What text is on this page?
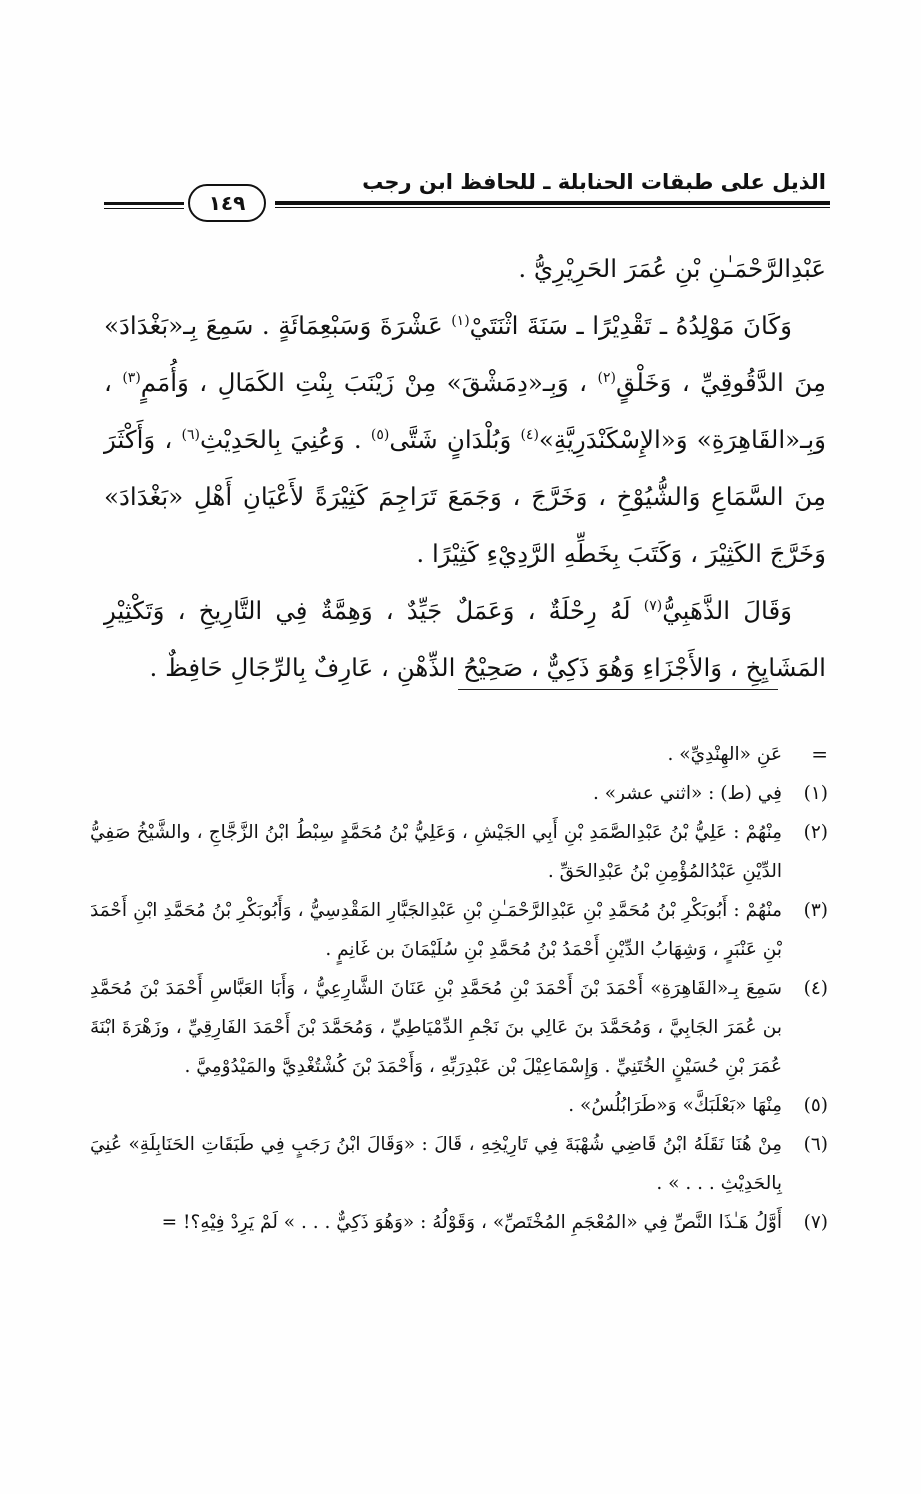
الذيل على طبقات الحنابلة ـ للحافظ ابن رجب
١٤٩

عَبْدِالرَّحْمَـٰنِ بْنِ عُمَرَ الحَرِيْرِيُّ .

وَكَانَ مَوْلِدُهُ ـ تَقْدِيْرًا ـ سَنَةَ اثْنَتَيْ$^{(١)}$ عَشْرَةَ وَسَبْعِمَائَةٍ . سَمِعَ بِـ«بَغْدَادَ» مِنَ الدَّقُوقِيِّ ، وَخَلْقٍ$^{(٢)}$ ، وَبِـ«دِمَشْقَ» مِنْ زَيْنَبَ بِنْتِ الكَمَالِ ، وَأُمَمٍ$^{(٣)}$ ، وَبِـ«القَاهِرَةِ» وَ«الإِسْكَنْدَرِيَّةِ»$^{(٤)}$ وَبُلْدَانٍ شَتَّى$^{(٥)}$ . وَعُنِيَ بِالحَدِيْثِ$^{(٦)}$ ، وَأَكْثَرَ مِنَ السَّمَاعِ وَالشُّيُوْخِ ، وَخَرَّجَ ، وَجَمَعَ تَرَاجِمَ كَثِيْرَةً لأَعْيَانِ أَهْلِ «بَغْدَادَ» وَخَرَّجَ الكَثِيْرَ ، وَكَتَبَ بِخَطِّهِ الرَّدِيْءِ كَثِيْرًا .

وَقَالَ الذَّهَبِيُّ$^{(٧)}$ لَهُ رِحْلَةٌ ، وَعَمَلٌ جَيِّدٌ ، وَهِمَّةٌ فِي التَّارِيخِ ، وَتَكْثِيْرِ المَشَايِخِ ، وَالأَجْزَاءِ وَهُوَ ذَكِيٌّ ، صَحِيْحُ الذِّهْنِ ، عَارِفٌ بِالرِّجَالِ حَافِظٌ .

=
عَنِ «الهِنْدِيِّ» .
(١)
فِي (ط) : «اثني عشر» .
(٢)
مِنْهُمْ : عَلِيُّ بْنُ عَبْدِالصَّمَدِ بْنِ أَبِي الجَيْشِ ، وَعَلِيُّ بْنُ مُحَمَّدٍ سِبْطُ ابْنُ الزَّجَّاجِ ، والشَّيْخُ صَفِيُّ الدِّيْنِ عَبْدُالمُؤْمِنِ بْنُ عَبْدِالحَقِّ .
(٣)
منْهُمْ : أَبُوبَكْرِ بْنُ مُحَمَّدِ بْنِ عَبْدِالرَّحْمَـٰنِ بْنِ عَبْدِالجَبَّارِ المَقْدِسِيُّ ، وَأَبُوبَكْرِ بْنُ مُحَمَّدِ ابْنِ أَحْمَدَ بْنِ عَنْبَرٍ ، وَشِهَابُ الدِّيْنِ أَحْمَدُ بْنُ مُحَمَّدِ بْنِ سُلَيْمَانَ بن غَانِمٍ .
(٤)
سَمِعَ بِـ«القَاهِرَةِ» أَحْمَدَ بْنَ أَحْمَدَ بْنِ مُحَمَّدِ بْنِ عَنَانَ الشَّارِعِيُّ ، وَأَبَا العَبَّاسِ أَحْمَدَ بْنَ مُحَمَّدِ بن عُمَرَ الجَابِيَّ ، وَمُحَمَّدَ بنَ عَالِي بنَ نَجْمِ الدِّمْيَاطِيِّ ، وَمُحَمَّدَ بْنَ أَحْمَدَ الفَارِقِيِّ ، وزَهْرَةَ ابْنَةَ عُمَرَ بْنِ حُسَيْنٍ الخُتَنِيِّ . وَإِسْمَاعِيْلَ بْن عَبْدِرَبِّهِ ، وَأَحْمَدَ بْنَ كُشْتُغْدِيَّ والمَيْدُوْمِيَّ .
(٥)
مِنْهَا «بَعْلَبَكَّ» وَ«طَرَابُلُسُ» .
(٦)
مِنْ هُنَا نَقَلَهُ ابْنُ قَاضِي شُهْبَةَ فِي تَارِيْخِهِ ، قَالَ : «وَقَالَ ابْنُ رَجَبٍ فِي طَبَقَاتِ الحَنَابِلَةِ» عُنِيَ بِالحَدِيْثِ . . . » .
(٧)
أَوَّلُ هَـٰذَا النَّصِّ فِي «المُعْجَمِ المُخْتَصِّ» ، وَقَوْلُهُ : «وَهُوَ ذَكِيٌّ . . . » لَمْ يَرِدْ فِيْهِ؟! =
